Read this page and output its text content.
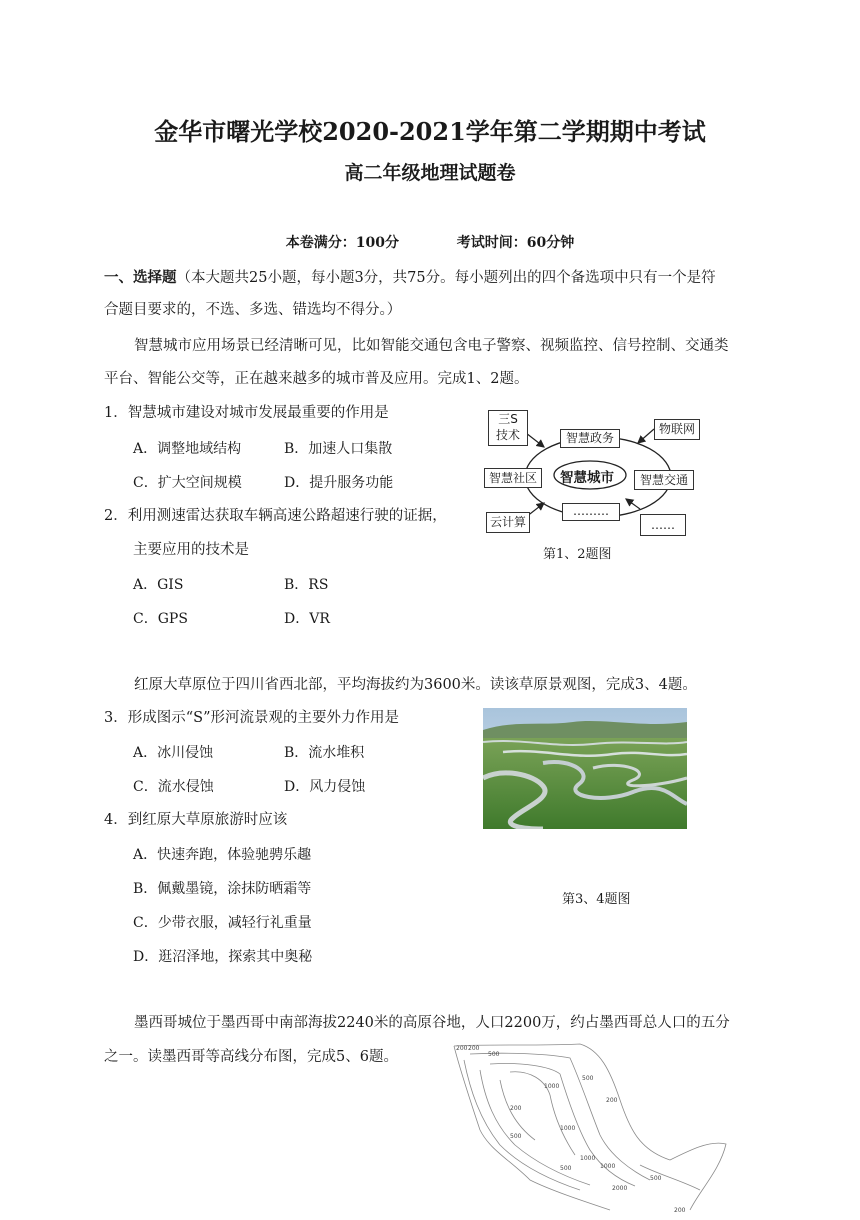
金华市曙光学校2020-2021学年第二学期期中考试
高二年级地理试题卷
本卷满分：100分	考试时间：60分钟
一、选择题（本大题共25小题，每小题3分，共75分。每小题列出的四个备选项中只有一个是符
合题目要求的，不选、多选、错选均不得分。）
智慧城市应用场景已经清晰可见，比如智能交通包含电子警察、视频监控、信号控制、交通类
平台、智能公交等，正在越来越多的城市普及应用。完成1、2题。
1．智慧城市建设对城市发展最重要的作用是
A．调整地域结构	B．加速人口集散
C．扩大空间规模	D．提升服务功能
2．利用测速雷达获取车辆高速公路超速行驶的证据，
主要应用的技术是
A．GIS	B．RS
C．GPS	D．VR
三S
技术	智慧政务
物联网
智慧城市
智慧社区	智慧交通
云计算
………
……
第1、2题图
红原大草原位于四川省西北部，平均海拔约为3600米。读该草原景观图，完成3、4题。
3．形成图示“S”形河流景观的主要外力作用是
A．冰川侵蚀	B．流水堆积
C．流水侵蚀	D．风力侵蚀
4．到红原大草原旅游时应该
A．快速奔跑，体验驰骋乐趣
B．佩戴墨镜，涂抹防晒霜等
C．少带衣服，减轻行礼重量
D．逛沼泽地，探索其中奥秘
第3、4题图
墨西哥城位于墨西哥中南部海拔2240米的高原谷地，人口2200万，约占墨西哥总人口的五分
之一。读墨西哥等高线分布图，完成5、6题。
200 200
500
1000
1000
500
200
1000
500
200
500	1000
2000
500
200
